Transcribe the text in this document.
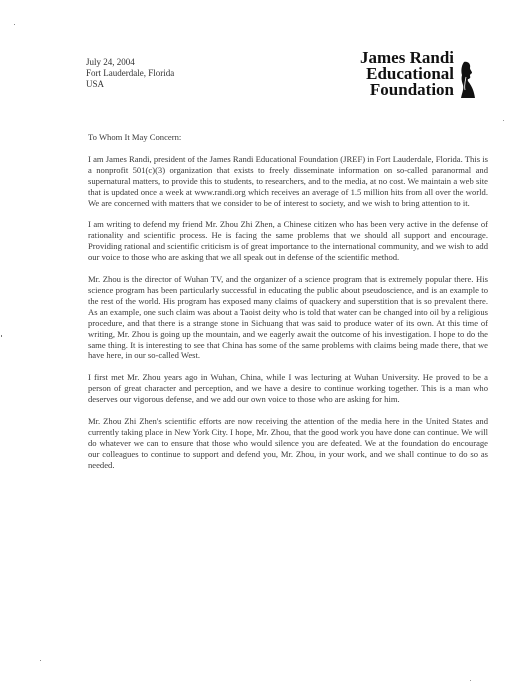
July 24, 2004
Fort Lauderdale, Florida
USA
James Randi
Educational
Foundation

To Whom It May Concern:

I am James Randi, president of the James Randi Educational Foundation (JREF) in Fort Lauderdale, Florida. This is a nonprofit 501(c)(3) organization that exists to freely disseminate information on so-called paranormal and supernatural matters, to provide this to students, to researchers, and to the media, at no cost. We maintain a web site that is updated once a week at www.randi.org which receives an average of 1.5 million hits from all over the world. We are concerned with matters that we consider to be of interest to society, and we wish to bring attention to it.

I am writing to defend my friend Mr. Zhou Zhi Zhen, a Chinese citizen who has been very active in the defense of rationality and scientific process. He is facing the same problems that we should all support and encourage. Providing rational and scientific criticism is of great importance to the international community, and we wish to add our voice to those who are asking that we all speak out in defense of the scientific method.

Mr. Zhou is the director of Wuhan TV, and the organizer of a science program that is extremely popular there. His science program has been particularly successful in educating the public about pseudoscience, and is an example to the rest of the world. His program has exposed many claims of quackery and superstition that is so prevalent there. As an example, one such claim was about a Taoist deity who is told that water can be changed into oil by a religious procedure, and that there is a strange stone in Sichuang that was said to produce water of its own. At this time of writing, Mr. Zhou is going up the mountain, and we eagerly await the outcome of his investigation. I hope to do the same thing. It is interesting to see that China has some of the same problems with claims being made there, that we have here, in our so-called West.

I first met Mr. Zhou years ago in Wuhan, China, while I was lecturing at Wuhan University. He proved to be a person of great character and perception, and we have a desire to continue working together. This is a man who deserves our vigorous defense, and we add our own voice to those who are asking for him.

Mr. Zhou Zhi Zhen's scientific efforts are now receiving the attention of the media here in the United States and currently taking place in New York City. I hope, Mr. Zhou, that the good work you have done can continue. We will do whatever we can to ensure that those who would silence you are defeated. We at the foundation do encourage our colleagues to continue to support and defend you, Mr. Zhou, in your work, and we shall continue to do so as needed.
